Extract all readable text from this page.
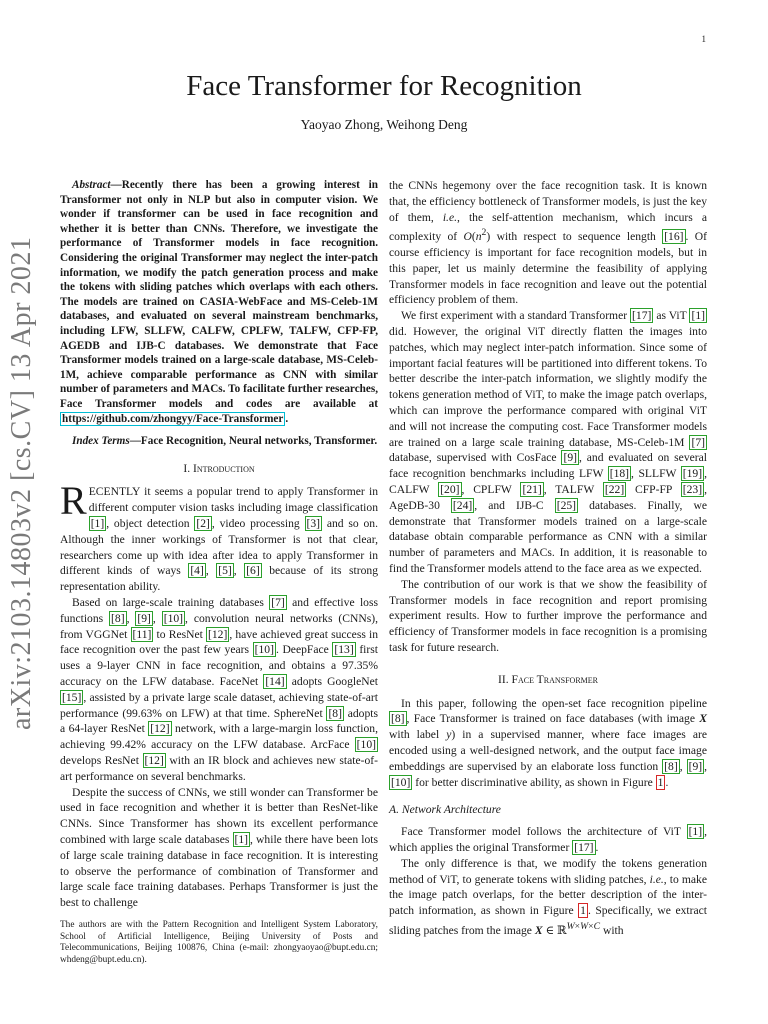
1
arXiv:2103.14803v2 [cs.CV] 13 Apr 2021
Face Transformer for Recognition
Yaoyao Zhong, Weihong Deng

Abstract—Recently there has been a growing interest in Transformer not only in NLP but also in computer vision. We wonder if transformer can be used in face recognition and whether it is better than CNNs. Therefore, we investigate the performance of Transformer models in face recognition. Considering the original Transformer may neglect the inter-patch information, we modify the patch generation process and make the tokens with sliding patches which overlaps with each others. The models are trained on CASIA-WebFace and MS-Celeb-1M databases, and evaluated on several mainstream benchmarks, including LFW, SLLFW, CALFW, CPLFW, TALFW, CFP-FP, AGEDB and IJB-C databases. We demonstrate that Face Transformer models trained on a large-scale database, MS-Celeb-1M, achieve comparable performance as CNN with similar number of parameters and MACs. To facilitate further researches, Face Transformer models and codes are available at https://github.com/zhongyy/Face-Transformer .

Index Terms—Face Recognition, Neural networks, Transformer.

I. Introduction

RECENTLY it seems a popular trend to apply Transformer in different computer vision tasks including image classification [1] , object detection [2] , video processing [3] and so on. Although the inner workings of Transformer is not that clear, researchers come up with idea after idea to apply Transformer in different kinds of ways [4] , [5] , [6] because of its strong representation ability.

Based on large-scale training databases [7] and effective loss functions [8] , [9] , [10] , convolution neural networks (CNNs), from VGGNet [11] to ResNet [12] , have achieved great success in face recognition over the past few years [10] . DeepFace [13] first uses a 9-layer CNN in face recognition, and obtains a 97.35% accuracy on the LFW database. FaceNet [14] adopts GoogleNet [15] , assisted by a private large scale dataset, achieving state-of-art performance (99.63% on LFW) at that time. SphereNet [8] adopts a 64-layer ResNet [12] network, with a large-margin loss function, achieving 99.42% accuracy on the LFW database. ArcFace [10] develops ResNet [12] with an IR block and achieves new state-of-art performance on several benchmarks.

Despite the success of CNNs, we still wonder can Transformer be used in face recognition and whether it is better than ResNet-like CNNs. Since Transformer has shown its excellent performance combined with large scale databases [1] , while there have been lots of large scale training database in face recognition. It is interesting to observe the performance of combination of Transformer and large scale face training databases. Perhaps Transformer is just the best to challenge

The authors are with the Pattern Recognition and Intelligent System Laboratory, School of Artificial Intelligence, Beijing University of Posts and Telecommunications, Beijing 100876, China (e-mail: zhongyaoyao@bupt.edu.cn; whdeng@bupt.edu.cn).

the CNNs hegemony over the face recognition task. It is known that, the efficiency bottleneck of Transformer models, is just the key of them, i.e., the self-attention mechanism, which incurs a complexity of $O(n^2)$ with respect to sequence length [16] . Of course efficiency is important for face recognition models, but in this paper, let us mainly determine the feasibility of applying Transformer models in face recognition and leave out the potential efficiency problem of them.

We first experiment with a standard Transformer [17] as ViT [1] did. However, the original ViT directly flatten the images into patches, which may neglect inter-patch information. Since some of important facial features will be partitioned into different tokens. To better describe the inter-patch information, we slightly modify the tokens generation method of ViT, to make the image patch overlaps, which can improve the performance compared with original ViT and will not increase the computing cost. Face Transformer models are trained on a large scale training database, MS-Celeb-1M [7] database, supervised with CosFace [9] , and evaluated on several face recognition benchmarks including LFW [18] , SLLFW [19] , CALFW [20] , CPLFW [21] , TALFW [22] CFP-FP [23] , AgeDB-30 [24] , and IJB-C [25] databases. Finally, we demonstrate that Transformer models trained on a large-scale database obtain comparable performance as CNN with a similar number of parameters and MACs. In addition, it is reasonable to find the Transformer models attend to the face area as we expected.

The contribution of our work is that we show the feasibility of Transformer models in face recognition and report promising experiment results. How to further improve the performance and efficiency of Transformer models in face recognition is a promising task for future research.

II. Face Transformer

In this paper, following the open-set face recognition pipeline [8] , Face Transformer is trained on face databases (with image X with label y) in a supervised manner, where face images are encoded using a well-designed network, and the output face image embeddings are supervised by an elaborate loss function [8] , [9] , [10] for better discriminative ability, as shown in Figure 1 .

A. Network Architecture

Face Transformer model follows the architecture of ViT [1] , which applies the original Transformer [17] .

The only difference is that, we modify the tokens generation method of ViT, to generate tokens with sliding patches, i.e., to make the image patch overlaps, for the better description of the inter-patch information, as shown in Figure 1 . Specifically, we extract sliding patches from the image X ∈ ℝ$^{W\times W\times C}$ with
